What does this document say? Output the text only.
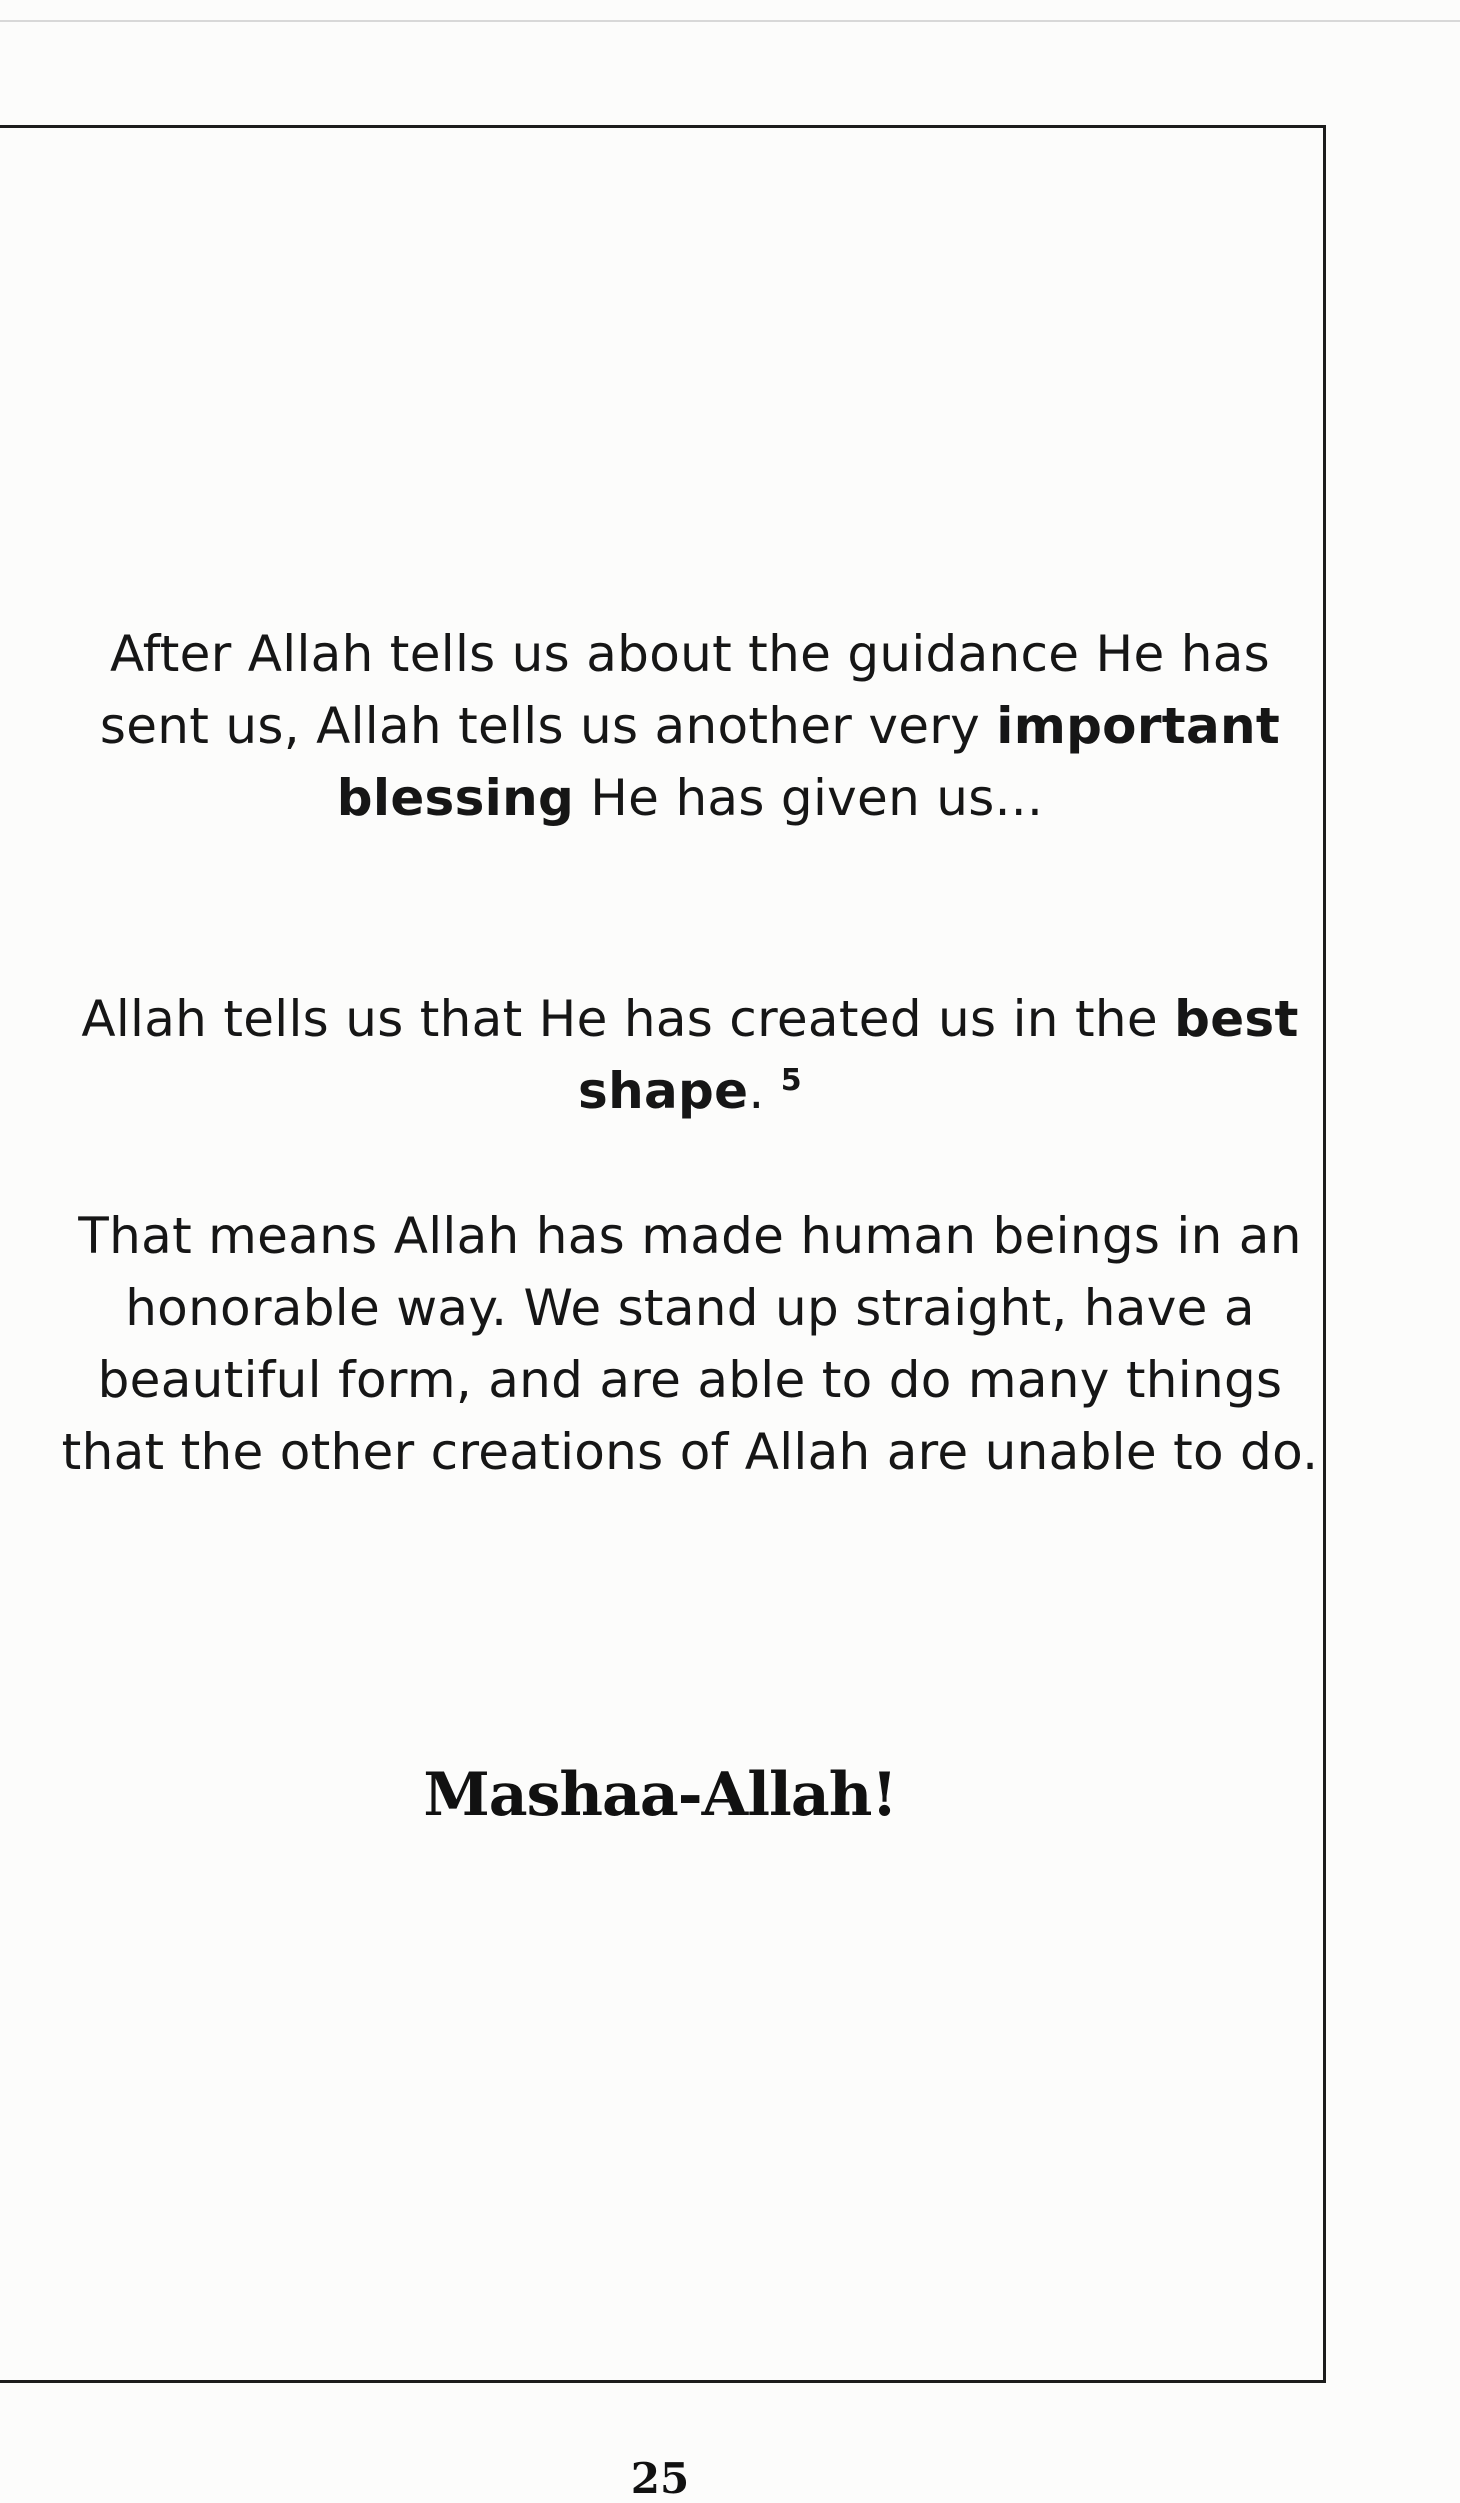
After Allah tells us about the guidance He has sent us, Allah tells us another very important blessing He has given us...
Allah tells us that He has created us in the best shape. $^5$
That means Allah has made human beings in an honorable way. We stand up straight, have a beautiful form, and are able to do many things that the other creations of Allah are unable to do.
Mashaa-Allah!
25
